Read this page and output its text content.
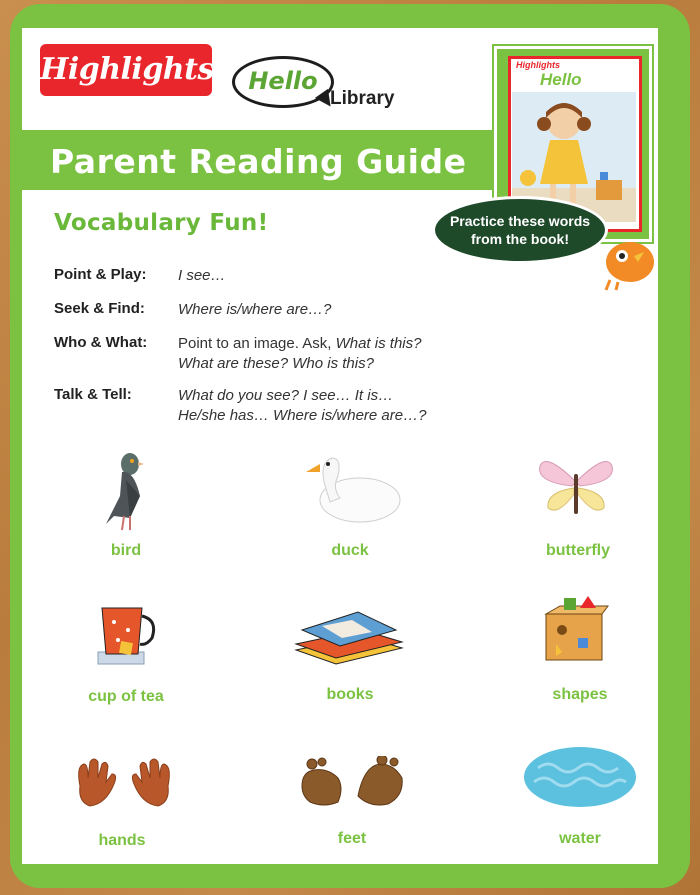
Highlights	Hello
Library
Parent Reading Guide
Highlights
Hello
Practice these words
from the book!
Vocabulary Fun!
Point & Play: I see…
Seek & Find: Where is/where are…?
Who & What: Point to an image. Ask, What is this?
What are these? Who is this?
Talk & Tell:	What do you see? I see… It is…
He/she has… Where is/where are…?
bird	duck	butterfly
cup of tea	books	shapes
hands	feet	water
